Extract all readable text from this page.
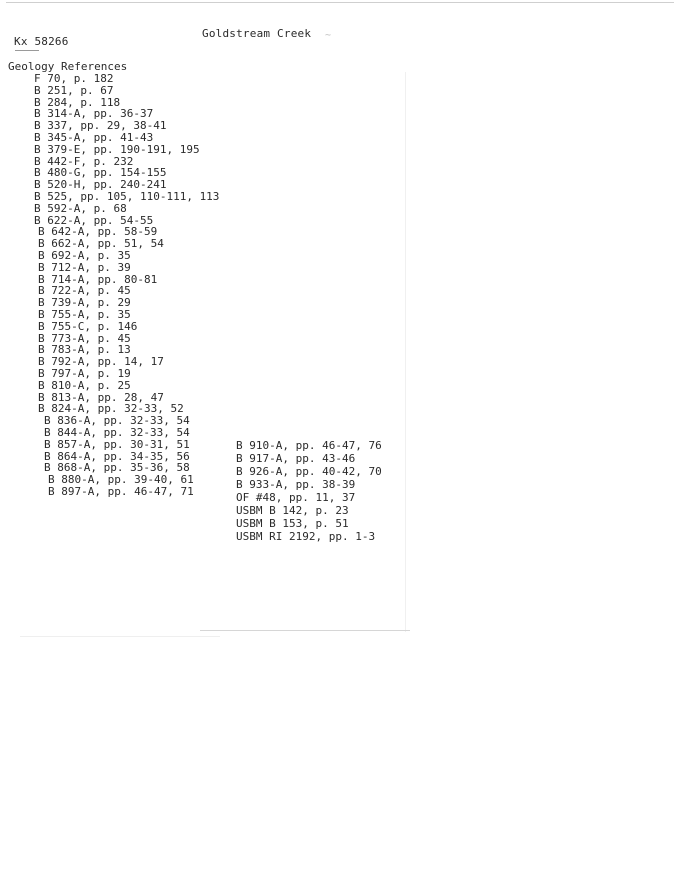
Kx 58266
Goldstream Creek ~
Geology References
F 70, p. 182
B 251, p. 67
B 284, p. 118
B 314-A, pp. 36-37
B 337, pp. 29, 38-41
B 345-A, pp. 41-43
B 379-E, pp. 190-191, 195
B 442-F, p. 232
B 480-G, pp. 154-155
B 520-H, pp. 240-241
B 525, pp. 105, 110-111, 113
B 592-A, p. 68
B 622-A, pp. 54-55
B 642-A, pp. 58-59
B 662-A, pp. 51, 54
B 692-A, p. 35
B 712-A, p. 39
B 714-A, pp. 80-81
B 722-A, p. 45
B 739-A, p. 29
B 755-A, p. 35
B 755-C, p. 146
B 773-A, p. 45
B 783-A, p. 13
B 792-A, pp. 14, 17
B 797-A, p. 19
B 810-A, p. 25
B 813-A, pp. 28, 47
B 824-A, pp. 32-33, 52
B 836-A, pp. 32-33, 54
B 844-A, pp. 32-33, 54
B 857-A, pp. 30-31, 51
B 864-A, pp. 34-35, 56
B 868-A, pp. 35-36, 58
B 880-A, pp. 39-40, 61
B 897-A, pp. 46-47, 71
B 910-A, pp. 46-47, 76
B 917-A, pp. 43-46
B 926-A, pp. 40-42, 70
B 933-A, pp. 38-39
OF #48, pp. 11, 37
USBM B 142, p. 23
USBM B 153, p. 51
USBM RI 2192, pp. 1-3
